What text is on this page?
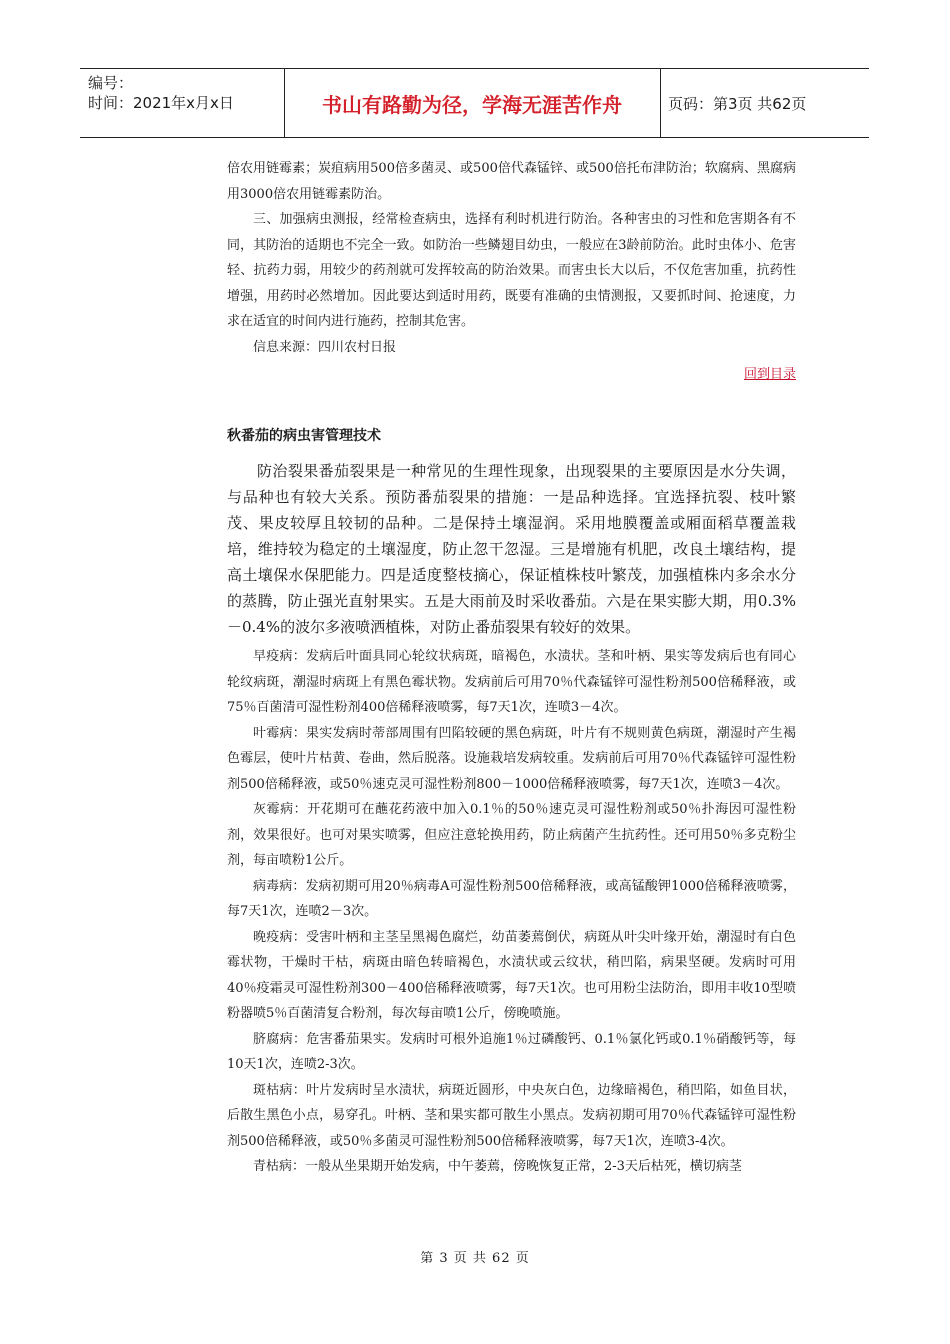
编号：
时间：2021年x月x日	书山有路勤为径，学海无涯苦作舟	页码：第3页 共62页

倍农用链霉素；炭疽病用500倍多菌灵、或500倍代森锰锌、或500倍托布津防治；软腐病、黑腐病用3000倍农用链霉素防治。

三、加强病虫测报，经常检查病虫，选择有利时机进行防治。各种害虫的习性和危害期各有不同，其防治的适期也不完全一致。如防治一些鳞翅目幼虫，一般应在3龄前防治。此时虫体小、危害轻、抗药力弱，用较少的药剂就可发挥较高的防治效果。而害虫长大以后，不仅危害加重，抗药性增强，用药时必然增加。因此要达到适时用药，既要有准确的虫情测报，又要抓时间、抢速度，力求在适宜的时间内进行施药，控制其危害。

信息来源：四川农村日报

回到目录
秋番茄的病虫害管理技术

防治裂果番茄裂果是一种常见的生理性现象，出现裂果的主要原因是水分失调，与品种也有较大关系。预防番茄裂果的措施：一是品种选择。宜选择抗裂、枝叶繁茂、果皮较厚且较韧的品种。二是保持土壤湿润。采用地膜覆盖或厢面稻草覆盖栽培，维持较为稳定的土壤湿度，防止忽干忽湿。三是增施有机肥，改良土壤结构，提高土壤保水保肥能力。四是适度整枝摘心，保证植株枝叶繁茂，加强植株内多余水分的蒸腾，防止强光直射果实。五是大雨前及时采收番茄。六是在果实膨大期，用0.3%－0.4%的波尔多液喷洒植株，对防止番茄裂果有较好的效果。

早疫病：发病后叶面具同心轮纹状病斑，暗褐色，水渍状。茎和叶柄、果实等发病后也有同心轮纹病斑，潮湿时病斑上有黑色霉状物。发病前后可用70％代森锰锌可湿性粉剂500倍稀释液，或75％百菌清可湿性粉剂400倍稀释液喷雾，每7天1次，连喷3－4次。

叶霉病：果实发病时蒂部周围有凹陷较硬的黑色病斑，叶片有不规则黄色病斑，潮湿时产生褐色霉层，使叶片枯黄、卷曲，然后脱落。设施栽培发病较重。发病前后可用70％代森锰锌可湿性粉剂500倍稀释液，或50％速克灵可湿性粉剂800－1000倍稀释液喷雾，每7天1次，连喷3－4次。

灰霉病：开花期可在蘸花药液中加入0.1％的50％速克灵可湿性粉剂或50％扑海因可湿性粉剂，效果很好。也可对果实喷雾，但应注意轮换用药，防止病菌产生抗药性。还可用50％多克粉尘剂，每亩喷粉1公斤。

病毒病：发病初期可用20％病毒A可湿性粉剂500倍稀释液，或高锰酸钾1000倍稀释液喷雾，每7天1次，连喷2－3次。

晚疫病：受害叶柄和主茎呈黑褐色腐烂，幼苗萎蔫倒伏，病斑从叶尖叶缘开始，潮湿时有白色霉状物，干燥时干枯，病斑由暗色转暗褐色，水渍状或云纹状，稍凹陷，病果坚硬。发病时可用40％疫霜灵可湿性粉剂300－400倍稀释液喷雾，每7天1次。也可用粉尘法防治，即用丰收10型喷粉器喷5％百菌清复合粉剂，每次每亩喷1公斤，傍晚喷施。

脐腐病：危害番茄果实。发病时可根外追施1％过磷酸钙、0.1％氯化钙或0.1％硝酸钙等，每10天1次，连喷2-3次。

斑枯病：叶片发病时呈水渍状，病斑近圆形，中央灰白色，边缘暗褐色，稍凹陷，如鱼目状，后散生黑色小点，易穿孔。叶柄、茎和果实都可散生小黑点。发病初期可用70％代森锰锌可湿性粉剂500倍稀释液，或50％多菌灵可湿性粉剂500倍稀释液喷雾，每7天1次，连喷3-4次。

青枯病：一般从坐果期开始发病，中午萎蔫，傍晚恢复正常，2-3天后枯死，横切病茎

第 3 页 共 62 页
